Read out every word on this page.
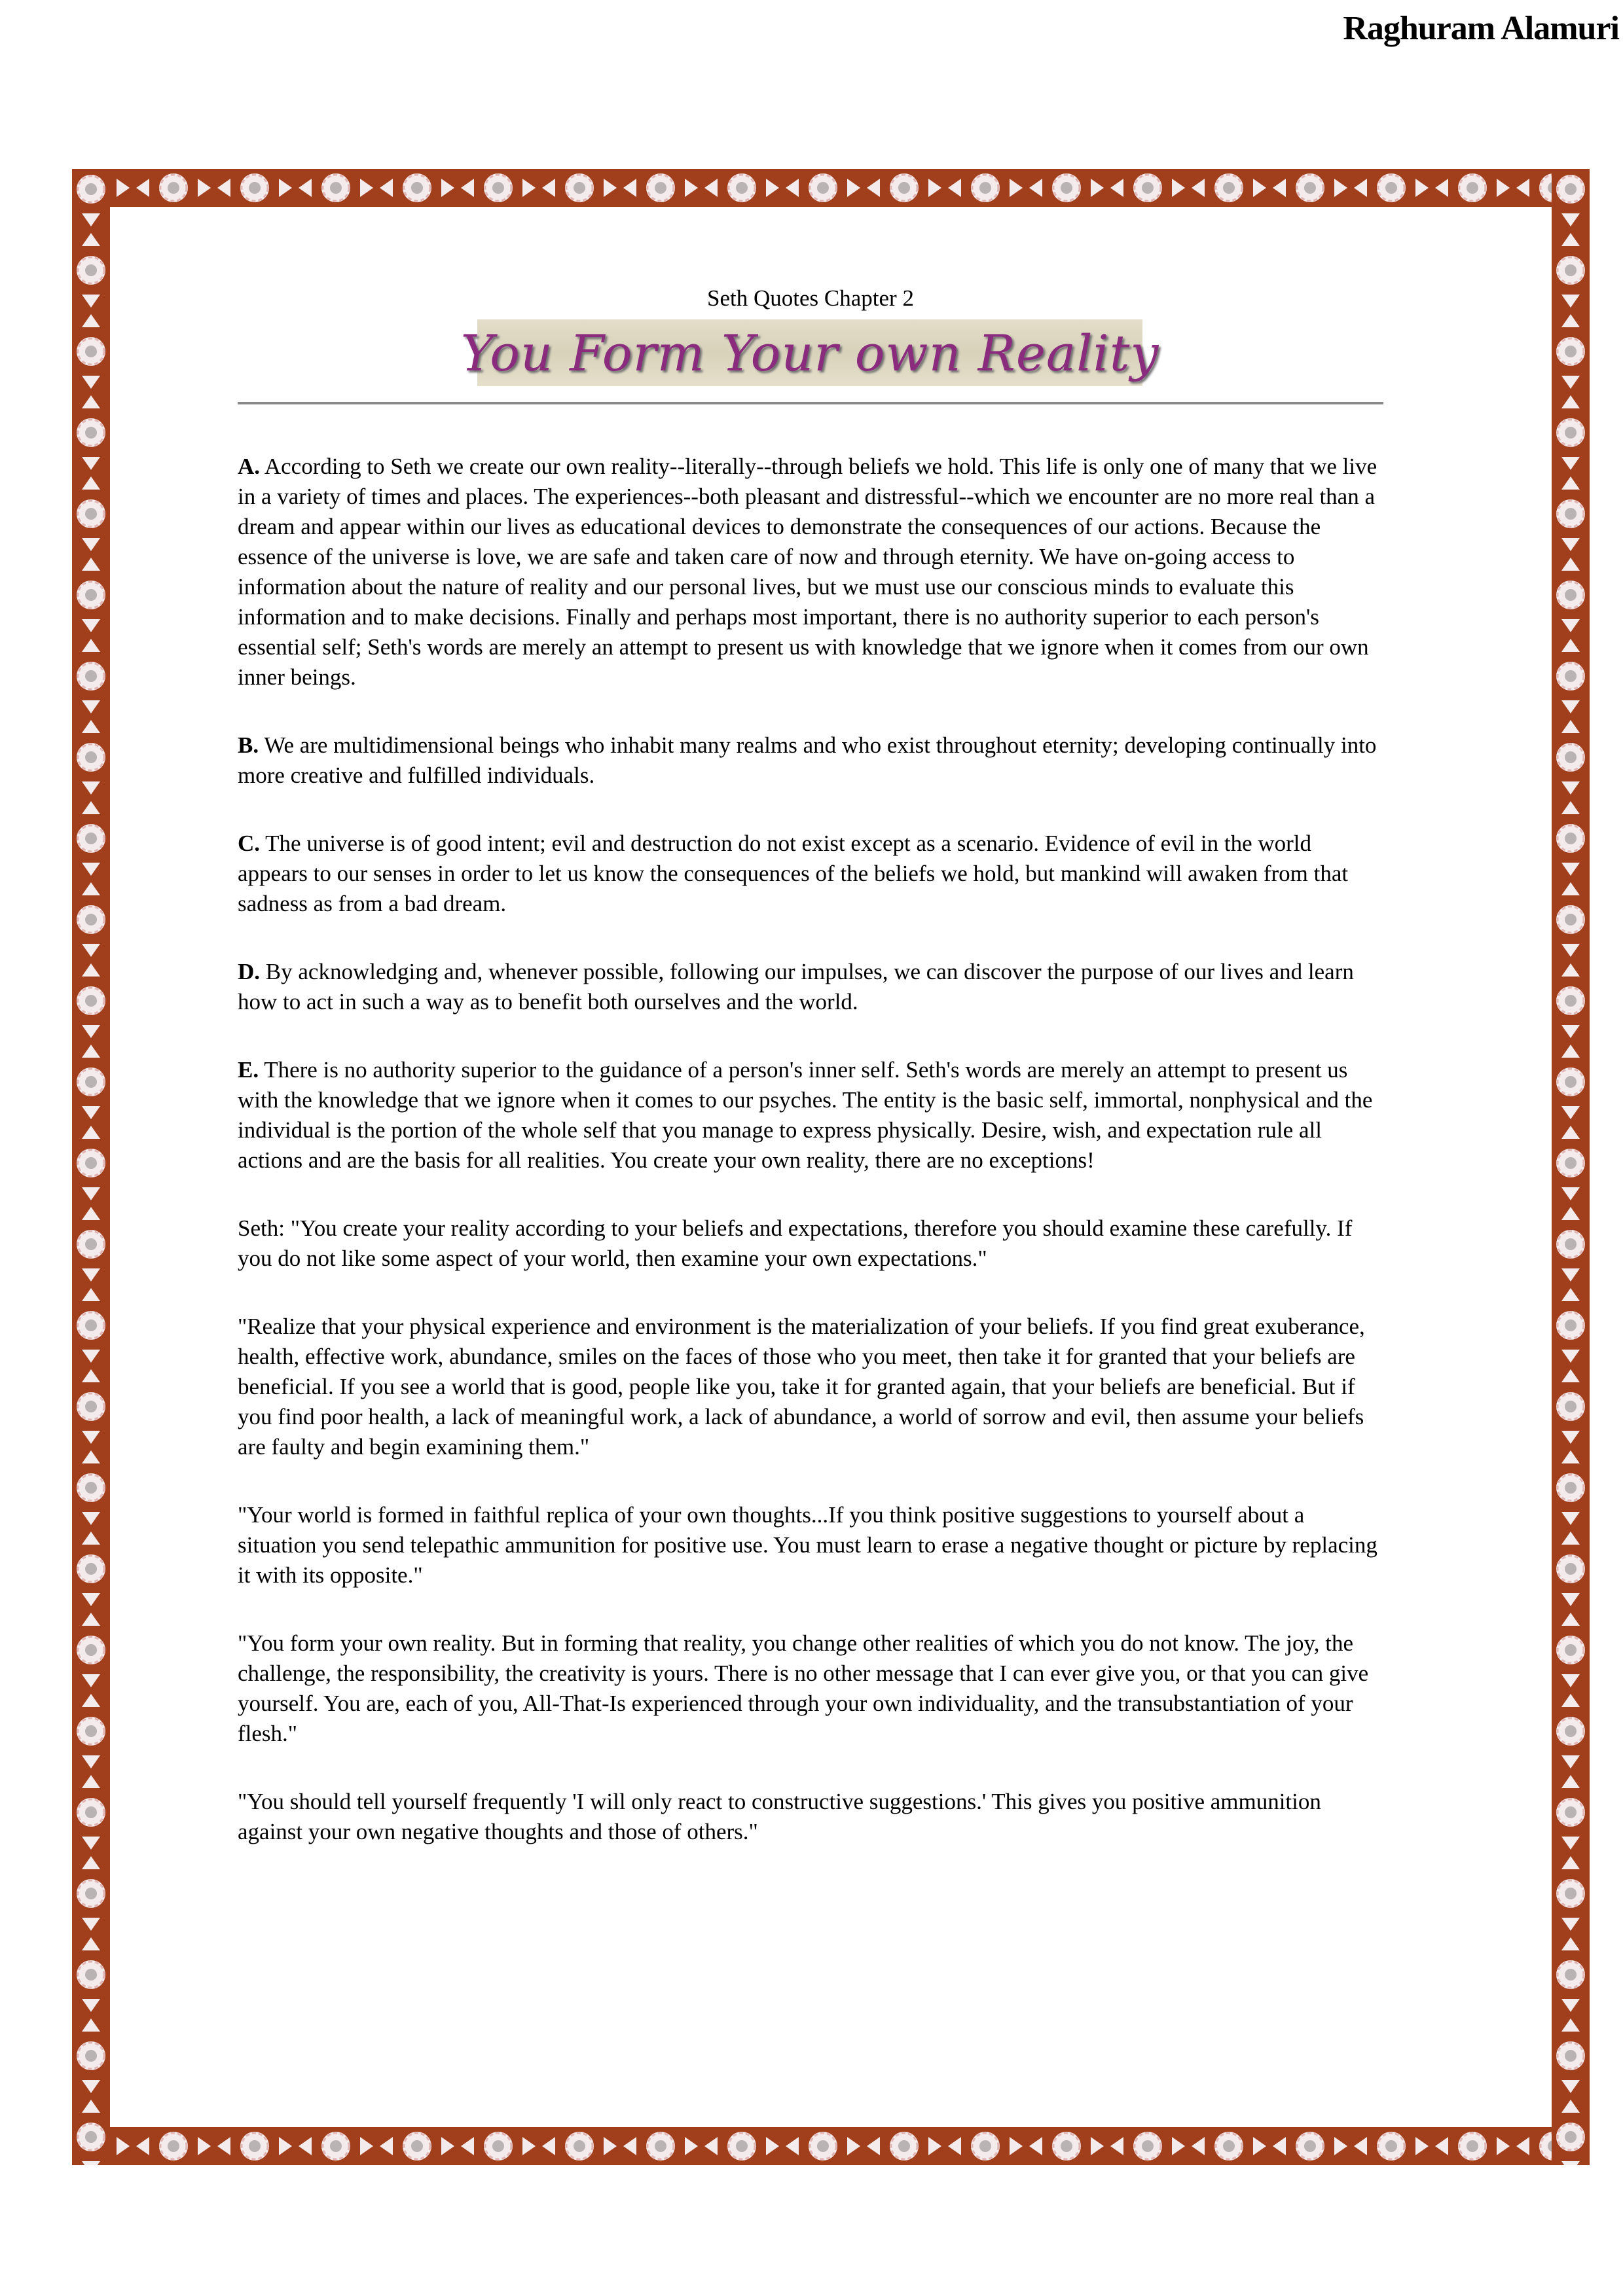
Raghuram Alamuri
Seth Quotes Chapter 2
You Form Your own Reality

A. According to Seth we create our own reality--literally--through beliefs we hold. This life is only one of many that we live in a variety of times and places. The experiences--both pleasant and distressful--which we encounter are no more real than a dream and appear within our lives as educational devices to demonstrate the consequences of our actions. Because the essence of the universe is love, we are safe and taken care of now and through eternity. We have on-going access to information about the nature of reality and our personal lives, but we must use our conscious minds to evaluate this information and to make decisions. Finally and perhaps most important, there is no authority superior to each person's essential self; Seth's words are merely an attempt to present us with knowledge that we ignore when it comes from our own inner beings.

B. We are multidimensional beings who inhabit many realms and who exist throughout eternity; developing continually into more creative and fulfilled individuals.

C. The universe is of good intent; evil and destruction do not exist except as a scenario. Evidence of evil in the world appears to our senses in order to let us know the consequences of the beliefs we hold, but mankind will awaken from that sadness as from a bad dream.

D. By acknowledging and, whenever possible, following our impulses, we can discover the purpose of our lives and learn how to act in such a way as to benefit both ourselves and the world.

E. There is no authority superior to the guidance of a person's inner self. Seth's words are merely an attempt to present us with the knowledge that we ignore when it comes to our psyches. The entity is the basic self, immortal, nonphysical and the individual is the portion of the whole self that you manage to express physically. Desire, wish, and expectation rule all actions and are the basis for all realities. You create your own reality, there are no exceptions!

Seth: "You create your reality according to your beliefs and expectations, therefore you should examine these carefully. If you do not like some aspect of your world, then examine your own expectations."

"Realize that your physical experience and environment is the materialization of your beliefs. If you find great exuberance, health, effective work, abundance, smiles on the faces of those who you meet, then take it for granted that your beliefs are beneficial. If you see a world that is good, people like you, take it for granted again, that your beliefs are beneficial. But if you find poor health, a lack of meaningful work, a lack of abundance, a world of sorrow and evil, then assume your beliefs are faulty and begin examining them."

"Your world is formed in faithful replica of your own thoughts...If you think positive suggestions to yourself about a situation you send telepathic ammunition for positive use. You must learn to erase a negative thought or picture by replacing it with its opposite."

"You form your own reality. But in forming that reality, you change other realities of which you do not know. The joy, the challenge, the responsibility, the creativity is yours. There is no other message that I can ever give you, or that you can give yourself. You are, each of you, All-That-Is experienced through your own individuality, and the transubstantiation of your flesh."

"You should tell yourself frequently 'I will only react to constructive suggestions.' This gives you positive ammunition against your own negative thoughts and those of others."
